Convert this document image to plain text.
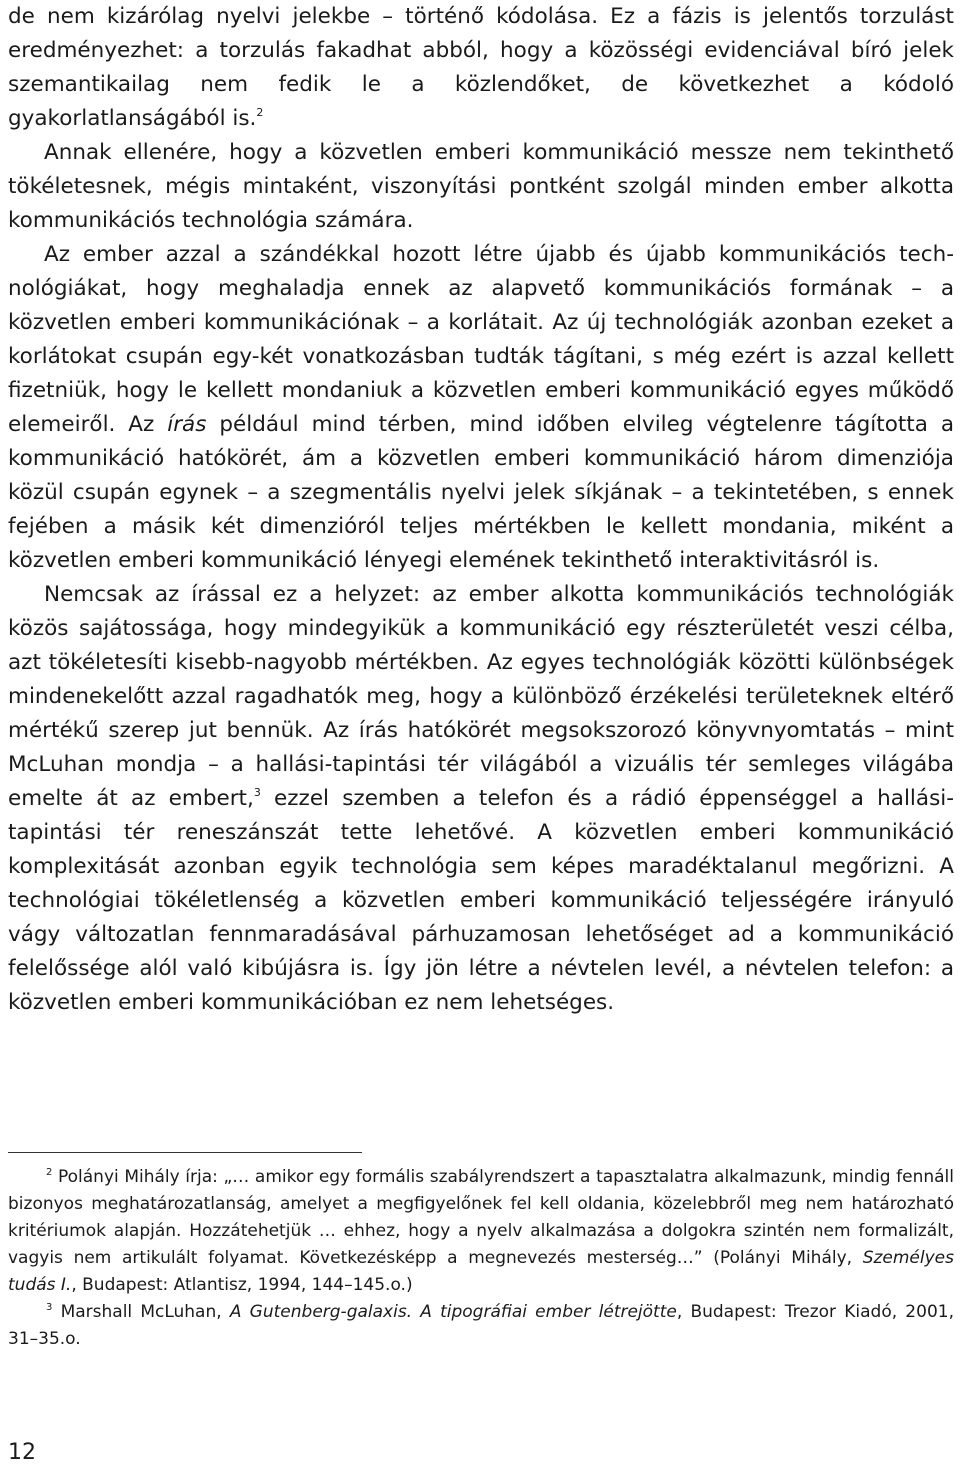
de nem kizárólag nyelvi jelekbe – történő kódolása. Ez a fázis is jelentős torzulást eredményezhet: a torzulás fakadhat abból, hogy a közösségi evidenciával bíró jelek szemantikailag nem fedik le a közlendőket, de következhet a kódoló gyakorlatlanságából is.$^2$

Annak ellenére, hogy a közvetlen emberi kommunikáció messze nem tekinthető tökéletesnek, mégis mintaként, viszonyítási pontként szolgál minden ember alkotta kommunikációs technológia számára.

Az ember azzal a szándékkal hozott létre újabb és újabb kommunikációs technológiákat, hogy meghaladja ennek az alapvető kommunikációs formának – a közvetlen emberi kommunikációnak – a korlátait. Az új technológiák azonban ezeket a korlátokat csupán egy-két vonatkozásban tudták tágítani, s még ezért is azzal kellett fizetniük, hogy le kellett mondaniuk a közvetlen emberi kommunikáció egyes működő elemeiről. Az írás például mind térben, mind időben elvileg végtelenre tágította a kommunikáció hatókörét, ám a közvetlen emberi kommunikáció három dimenziója közül csupán egynek – a szegmentális nyelvi jelek síkjának – a tekintetében, s ennek fejében a másik két dimenzióról teljes mértékben le kellett mondania, miként a közvetlen emberi kommunikáció lényegi elemének tekinthető interaktivitásról is.

Nemcsak az írással ez a helyzet: az ember alkotta kommunikációs technológiák közös sajátossága, hogy mindegyikük a kommunikáció egy részterületét veszi célba, azt tökéletesíti kisebb-nagyobb mértékben. Az egyes technológiák közötti különbségek mindenekelőtt azzal ragadhatók meg, hogy a különböző érzékelési területeknek eltérő mértékű szerep jut bennük. Az írás hatókörét megsokszorozó könyvnyomtatás – mint McLuhan mondja – a hallási-tapintási tér világából a vizuális tér semleges világába emelte át az embert,$^3$ ezzel szemben a telefon és a rádió éppenséggel a hallási-tapintási tér reneszánszát tette lehetővé. A közvetlen emberi kommunikáció komplexitását azonban egyik technológia sem képes maradéktalanul megőrizni. A technológiai tökéletlenség a közvetlen emberi kommunikáció teljességére irányuló vágy változatlan fennmaradásával párhuzamosan lehetőséget ad a kommunikáció felelőssége alól való kibújásra is. Így jön létre a névtelen levél, a névtelen telefon: a közvetlen emberi kommunikációban ez nem lehetséges.

$^2$ Polányi Mihály írja: „… amikor egy formális szabályrendszert a tapasztalatra alkalmazunk, mindig fennáll bizonyos meghatározatlanság, amelyet a megfigyelőnek fel kell oldania, közelebbről meg nem határozható kritériumok alapján. Hozzátehetjük … ehhez, hogy a nyelv alkalmazása a dolgokra szintén nem formalizált, vagyis nem artikulált folyamat. Következésképp a megnevezés mesterség…” (Polányi Mihály, Személyes tudás I., Budapest: Atlantisz, 1994, 144–145.o.)

$^3$ Marshall McLuhan, A Gutenberg-galaxis. A tipográfiai ember létrejötte, Budapest: Trezor Kiadó, 2001, 31–35.o.

12
